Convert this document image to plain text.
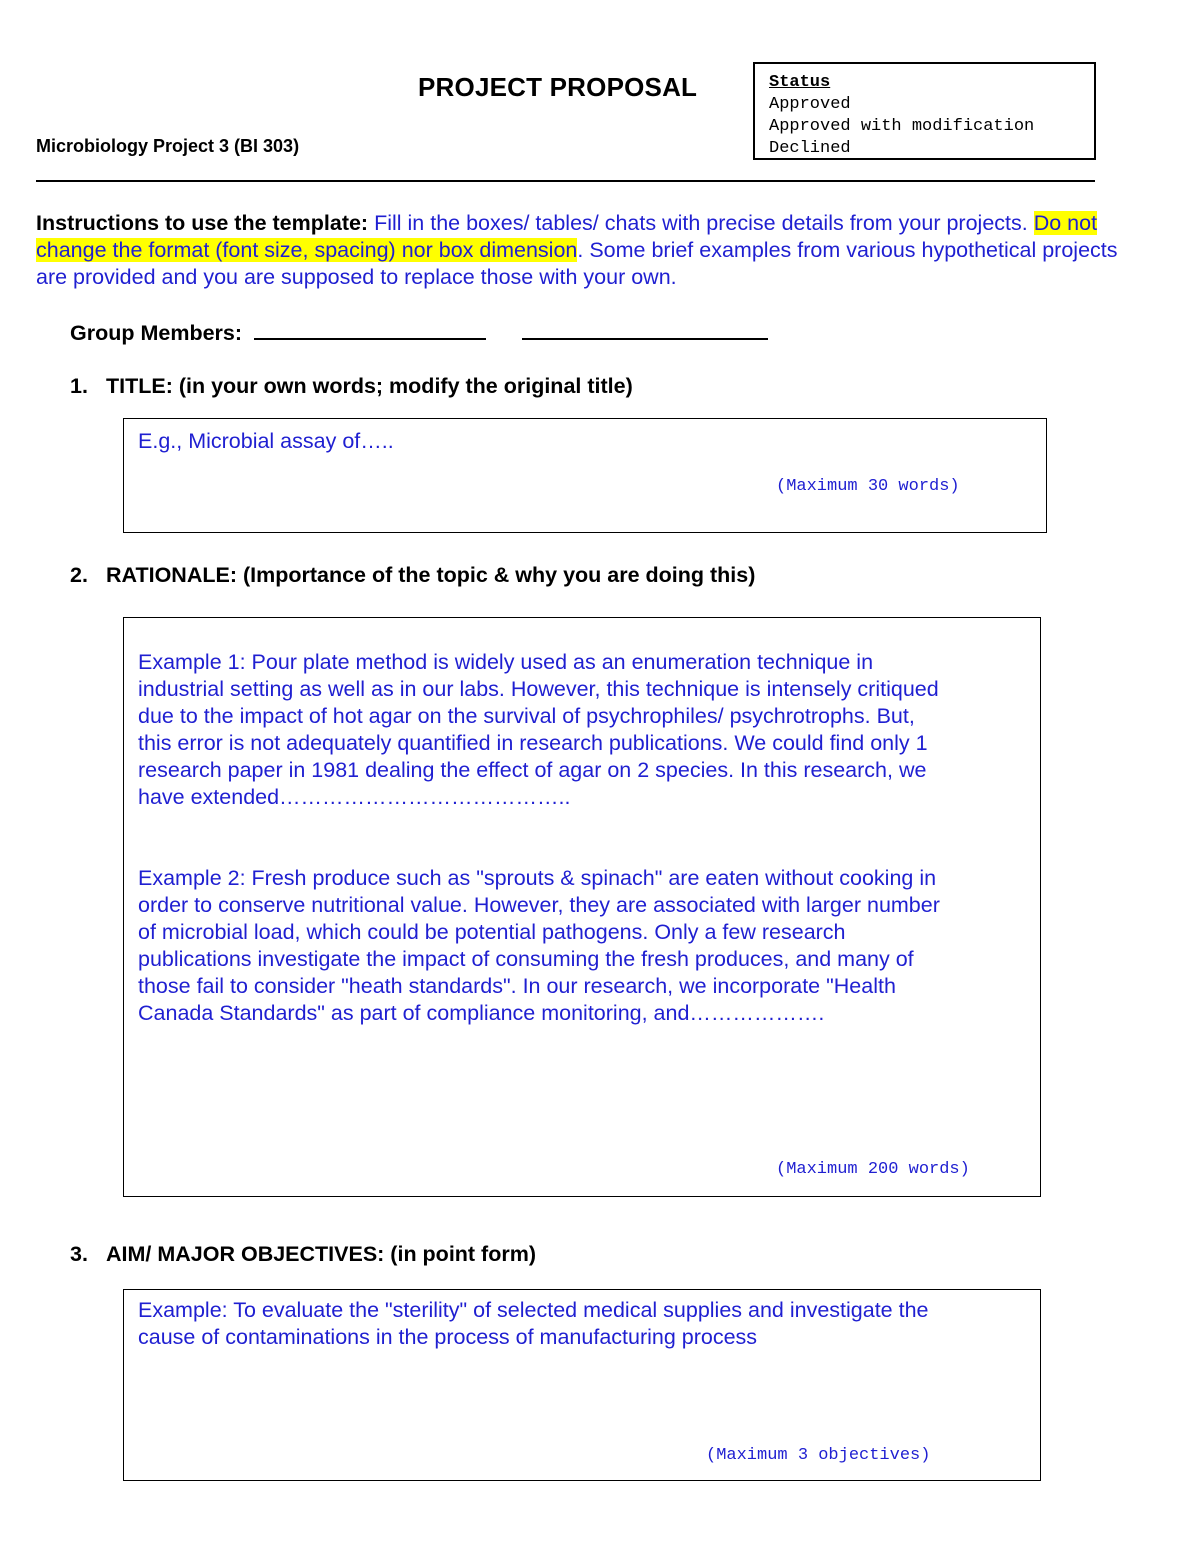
PROJECT PROPOSAL
Microbiology Project 3 (BI 303)
Status
Approved
Approved with modification
Declined
Instructions to use the template: Fill in the boxes/ tables/ chats with precise details from your projects. Do not change the format (font size, spacing) nor box dimension. Some brief examples from various hypothetical projects are provided and you are supposed to replace those with your own.
Group Members:
1. TITLE: (in your own words; modify the original title)
E.g., Microbial assay of…..
(Maximum 30 words)
2. RATIONALE: (Importance of the topic & why you are doing this)
Example 1: Pour plate method is widely used as an enumeration technique in
industrial setting as well as in our labs. However, this technique is intensely critiqued
due to the impact of hot agar on the survival of psychrophiles/ psychrotrophs. But,
this error is not adequately quantified in research publications. We could find only 1
research paper in 1981 dealing the effect of agar on 2 species. In this research, we
have extended…………………………………..
Example 2: Fresh produce such as "sprouts & spinach" are eaten without cooking in
order to conserve nutritional value. However, they are associated with larger number
of microbial load, which could be potential pathogens. Only a few research
publications investigate the impact of consuming the fresh produces, and many of
those fail to consider "heath standards". In our research, we incorporate "Health
Canada Standards" as part of compliance monitoring, and……………….
(Maximum 200 words)
3. AIM/ MAJOR OBJECTIVES: (in point form)
Example: To evaluate the "sterility" of selected medical supplies and investigate the
cause of contaminations in the process of manufacturing process
(Maximum 3 objectives)
